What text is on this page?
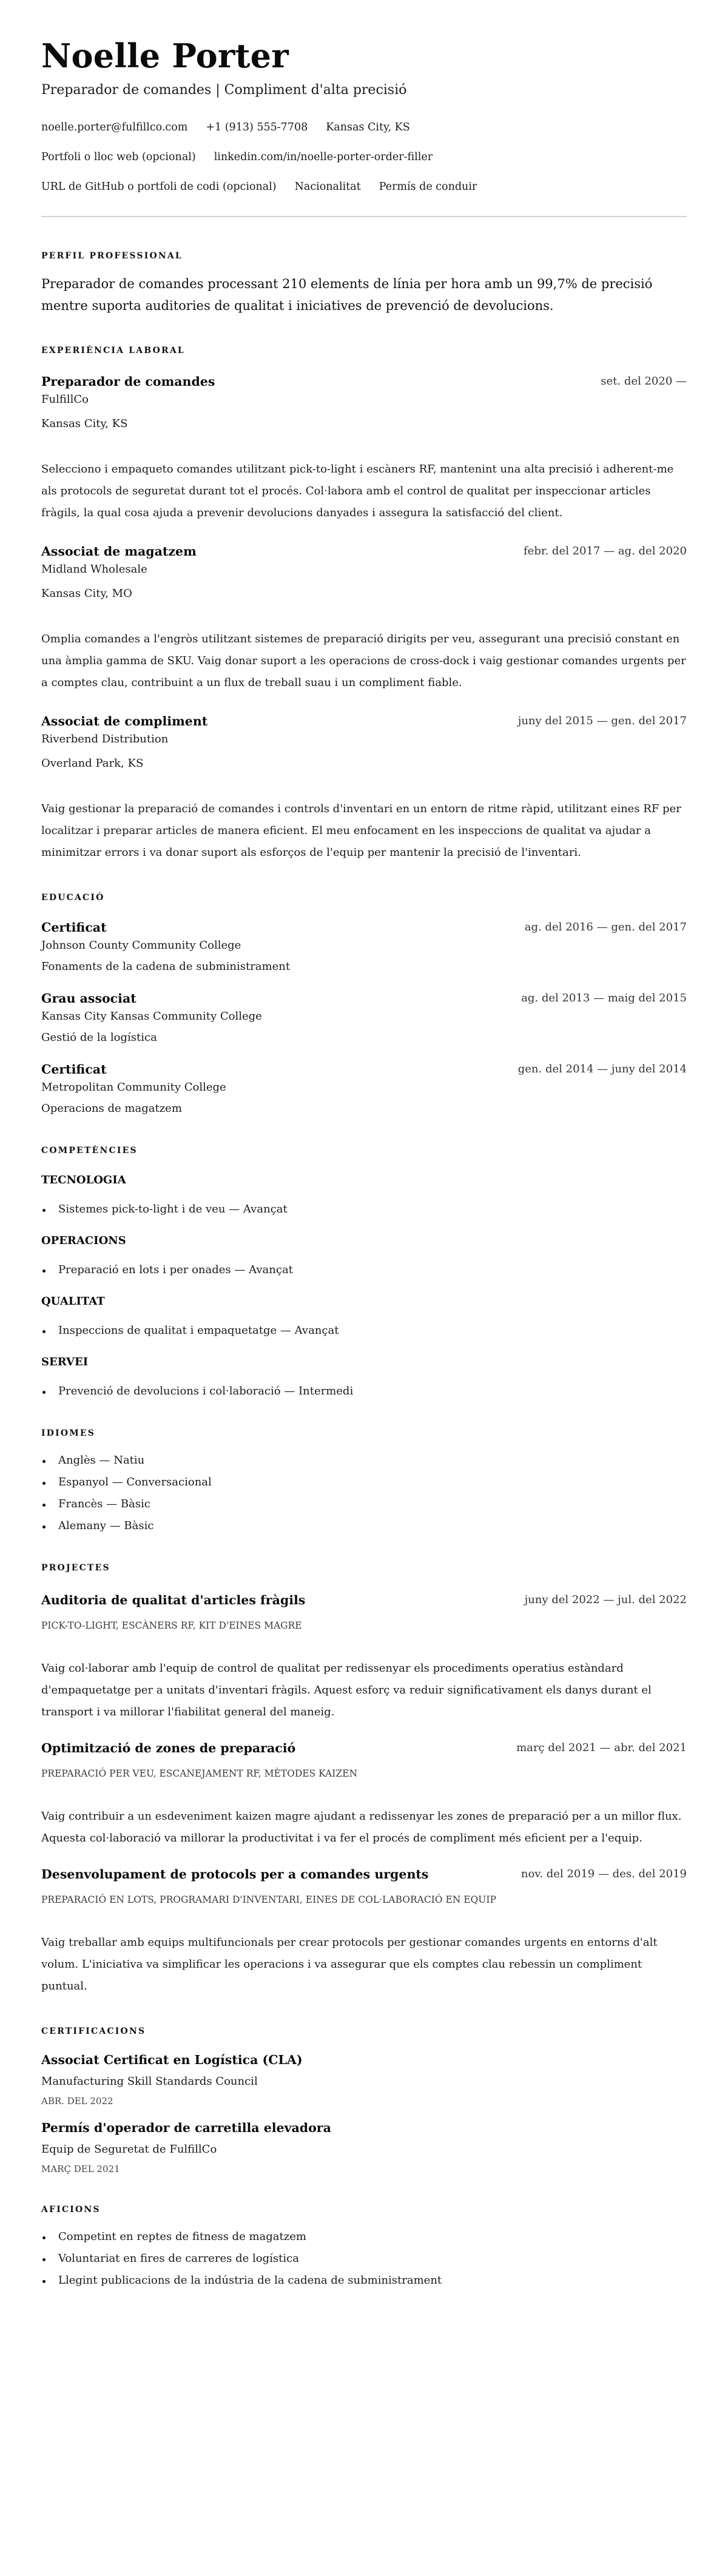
Noelle Porter
Preparador de comandes | Compliment d'alta precisió
noelle.porter@fulfillco.com +1 (913) 555-7708 Kansas City, KS
Portfoli o lloc web (opcional) linkedin.com/in/noelle-porter-order-filler
URL de GitHub o portfoli de codi (opcional) Nacionalitat Permís de conduir
PERFIL PROFESSIONAL

Preparador de comandes processant 210 elements de línia per hora amb un 99,7% de precisió mentre suporta auditories de qualitat i iniciatives de prevenció de devolucions.

EXPERIÈNCIA LABORAL
Preparador de comandes	set. del 2020 —
FulfillCo
Kansas City, KS

Selecciono i empaqueto comandes utilitzant pick-to-light i escàners RF, mantenint una alta precisió i adherent-me als protocols de seguretat durant tot el procés. Col·labora amb el control de qualitat per inspeccionar articles fràgils, la qual cosa ajuda a prevenir devolucions danyades i assegura la satisfacció del client.

Associat de magatzem	febr. del 2017 — ag. del 2020
Midland Wholesale
Kansas City, MO

Omplia comandes a l'engròs utilitzant sistemes de preparació dirigits per veu, assegurant una precisió constant en una àmplia gamma de SKU. Vaig donar suport a les operacions de cross-dock i vaig gestionar comandes urgents per a comptes clau, contribuint a un flux de treball suau i un compliment fiable.

Associat de compliment	juny del 2015 — gen. del 2017
Riverbend Distribution
Overland Park, KS

Vaig gestionar la preparació de comandes i controls d'inventari en un entorn de ritme ràpid, utilitzant eines RF per localitzar i preparar articles de manera eficient. El meu enfocament en les inspeccions de qualitat va ajudar a minimitzar errors i va donar suport als esforços de l'equip per mantenir la precisió de l'inventari.

EDUCACIÓ
Certificat	ag. del 2016 — gen. del 2017
Johnson County Community College
Fonaments de la cadena de subministrament
Grau associat	ag. del 2013 — maig del 2015
Kansas City Kansas Community College
Gestió de la logística
Certificat	gen. del 2014 — juny del 2014
Metropolitan Community College
Operacions de magatzem
COMPETÈNCIES
TECNOLOGIA
Sistemes pick-to-light i de veu — Avançat
OPERACIONS
Preparació en lots i per onades — Avançat
QUALITAT
Inspeccions de qualitat i empaquetatge — Avançat
SERVEI
Prevenció de devolucions i col·laboració — Intermedi
IDIOMES
Anglès — Natiu
Espanyol — Conversacional
Francès — Bàsic
Alemany — Bàsic
PROJECTES
Auditoria de qualitat d'articles fràgils	juny del 2022 — jul. del 2022
PICK-TO-LIGHT, ESCÀNERS RF, KIT D'EINES MAGRE

Vaig col·laborar amb l'equip de control de qualitat per redissenyar els procediments operatius estàndard d'empaquetatge per a unitats d'inventari fràgils. Aquest esforç va reduir significativament els danys durant el transport i va millorar l'fiabilitat general del maneig.

Optimització de zones de preparació	març del 2021 — abr. del 2021
PREPARACIÓ PER VEU, ESCANEJAMENT RF, MÈTODES KAIZEN

Vaig contribuir a un esdeveniment kaizen magre ajudant a redissenyar les zones de preparació per a un millor flux. Aquesta col·laboració va millorar la productivitat i va fer el procés de compliment més eficient per a l'equip.

Desenvolupament de protocols per a comandes urgents	nov. del 2019 — des. del 2019
PREPARACIÓ EN LOTS, PROGRAMARI D'INVENTARI, EINES DE COL·LABORACIÓ EN EQUIP

Vaig treballar amb equips multifuncionals per crear protocols per gestionar comandes urgents en entorns d'alt volum. L'iniciativa va simplificar les operacions i va assegurar que els comptes clau rebessin un compliment puntual.

CERTIFICACIONS
Associat Certificat en Logística (CLA)
Manufacturing Skill Standards Council
ABR. DEL 2022
Permís d'operador de carretilla elevadora
Equip de Seguretat de FulfillCo
MARÇ DEL 2021
AFICIONS
Competint en reptes de fitness de magatzem
Voluntariat en fires de carreres de logística
Llegint publicacions de la indústria de la cadena de subministrament
